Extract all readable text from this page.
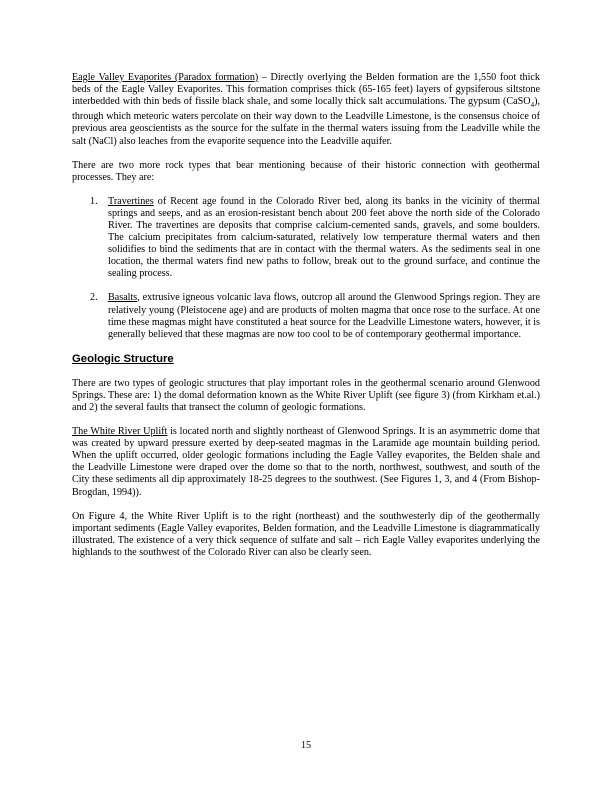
Eagle Valley Evaporites (Paradox formation) – Directly overlying the Belden formation are the 1,550 foot thick beds of the Eagle Valley Evaporites. This formation comprises thick (65-165 feet) layers of gypsiferous siltstone interbedded with thin beds of fissile black shale, and some locally thick salt accumulations. The gypsum (CaSO$_4$), through which meteoric waters percolate on their way down to the Leadville Limestone, is the consensus choice of previous area geoscientists as the source for the sulfate in the thermal waters issuing from the Leadville while the salt (NaCl) also leaches from the evaporite sequence into the Leadville aquifer.

There are two more rock types that bear mentioning because of their historic connection with geothermal processes. They are:

1. Travertines of Recent age found in the Colorado River bed, along its banks in the vicinity of thermal springs and seeps, and as an erosion-resistant bench about 200 feet above the north side of the Colorado River. The travertines are deposits that comprise calcium-cemented sands, gravels, and some boulders. The calcium precipitates from calcium-saturated, relatively low temperature thermal waters and then solidifies to bind the sediments that are in contact with the thermal waters. As the sediments seal in one location, the thermal waters find new paths to follow, break out to the ground surface, and continue the sealing process.
2. Basalts, extrusive igneous volcanic lava flows, outcrop all around the Glenwood Springs region. They are relatively young (Pleistocene age) and are products of molten magma that once rose to the surface. At one time these magmas might have constituted a heat source for the Leadville Limestone waters, however, it is generally believed that these magmas are now too cool to be of contemporary geothermal importance.
Geologic Structure

There are two types of geologic structures that play important roles in the geothermal scenario around Glenwood Springs. These are: 1) the domal deformation known as the White River Uplift (see figure 3) (from Kirkham et.al.) and 2) the several faults that transect the column of geologic formations.

The White River Uplift is located north and slightly northeast of Glenwood Springs. It is an asymmetric dome that was created by upward pressure exerted by deep-seated magmas in the Laramide age mountain building period. When the uplift occurred, older geologic formations including the Eagle Valley evaporites, the Belden shale and the Leadville Limestone were draped over the dome so that to the north, northwest, southwest, and south of the City these sediments all dip approximately 18-25 degrees to the southwest. (See Figures 1, 3, and 4 (From Bishop-Brogdan, 1994)).

On Figure 4, the White River Uplift is to the right (northeast) and the southwesterly dip of the geothermally important sediments (Eagle Valley evaporites, Belden formation, and the Leadville Limestone is diagrammatically illustrated. The existence of a very thick sequence of sulfate and salt – rich Eagle Valley evaporites underlying the highlands to the southwest of the Colorado River can also be clearly seen.

15
